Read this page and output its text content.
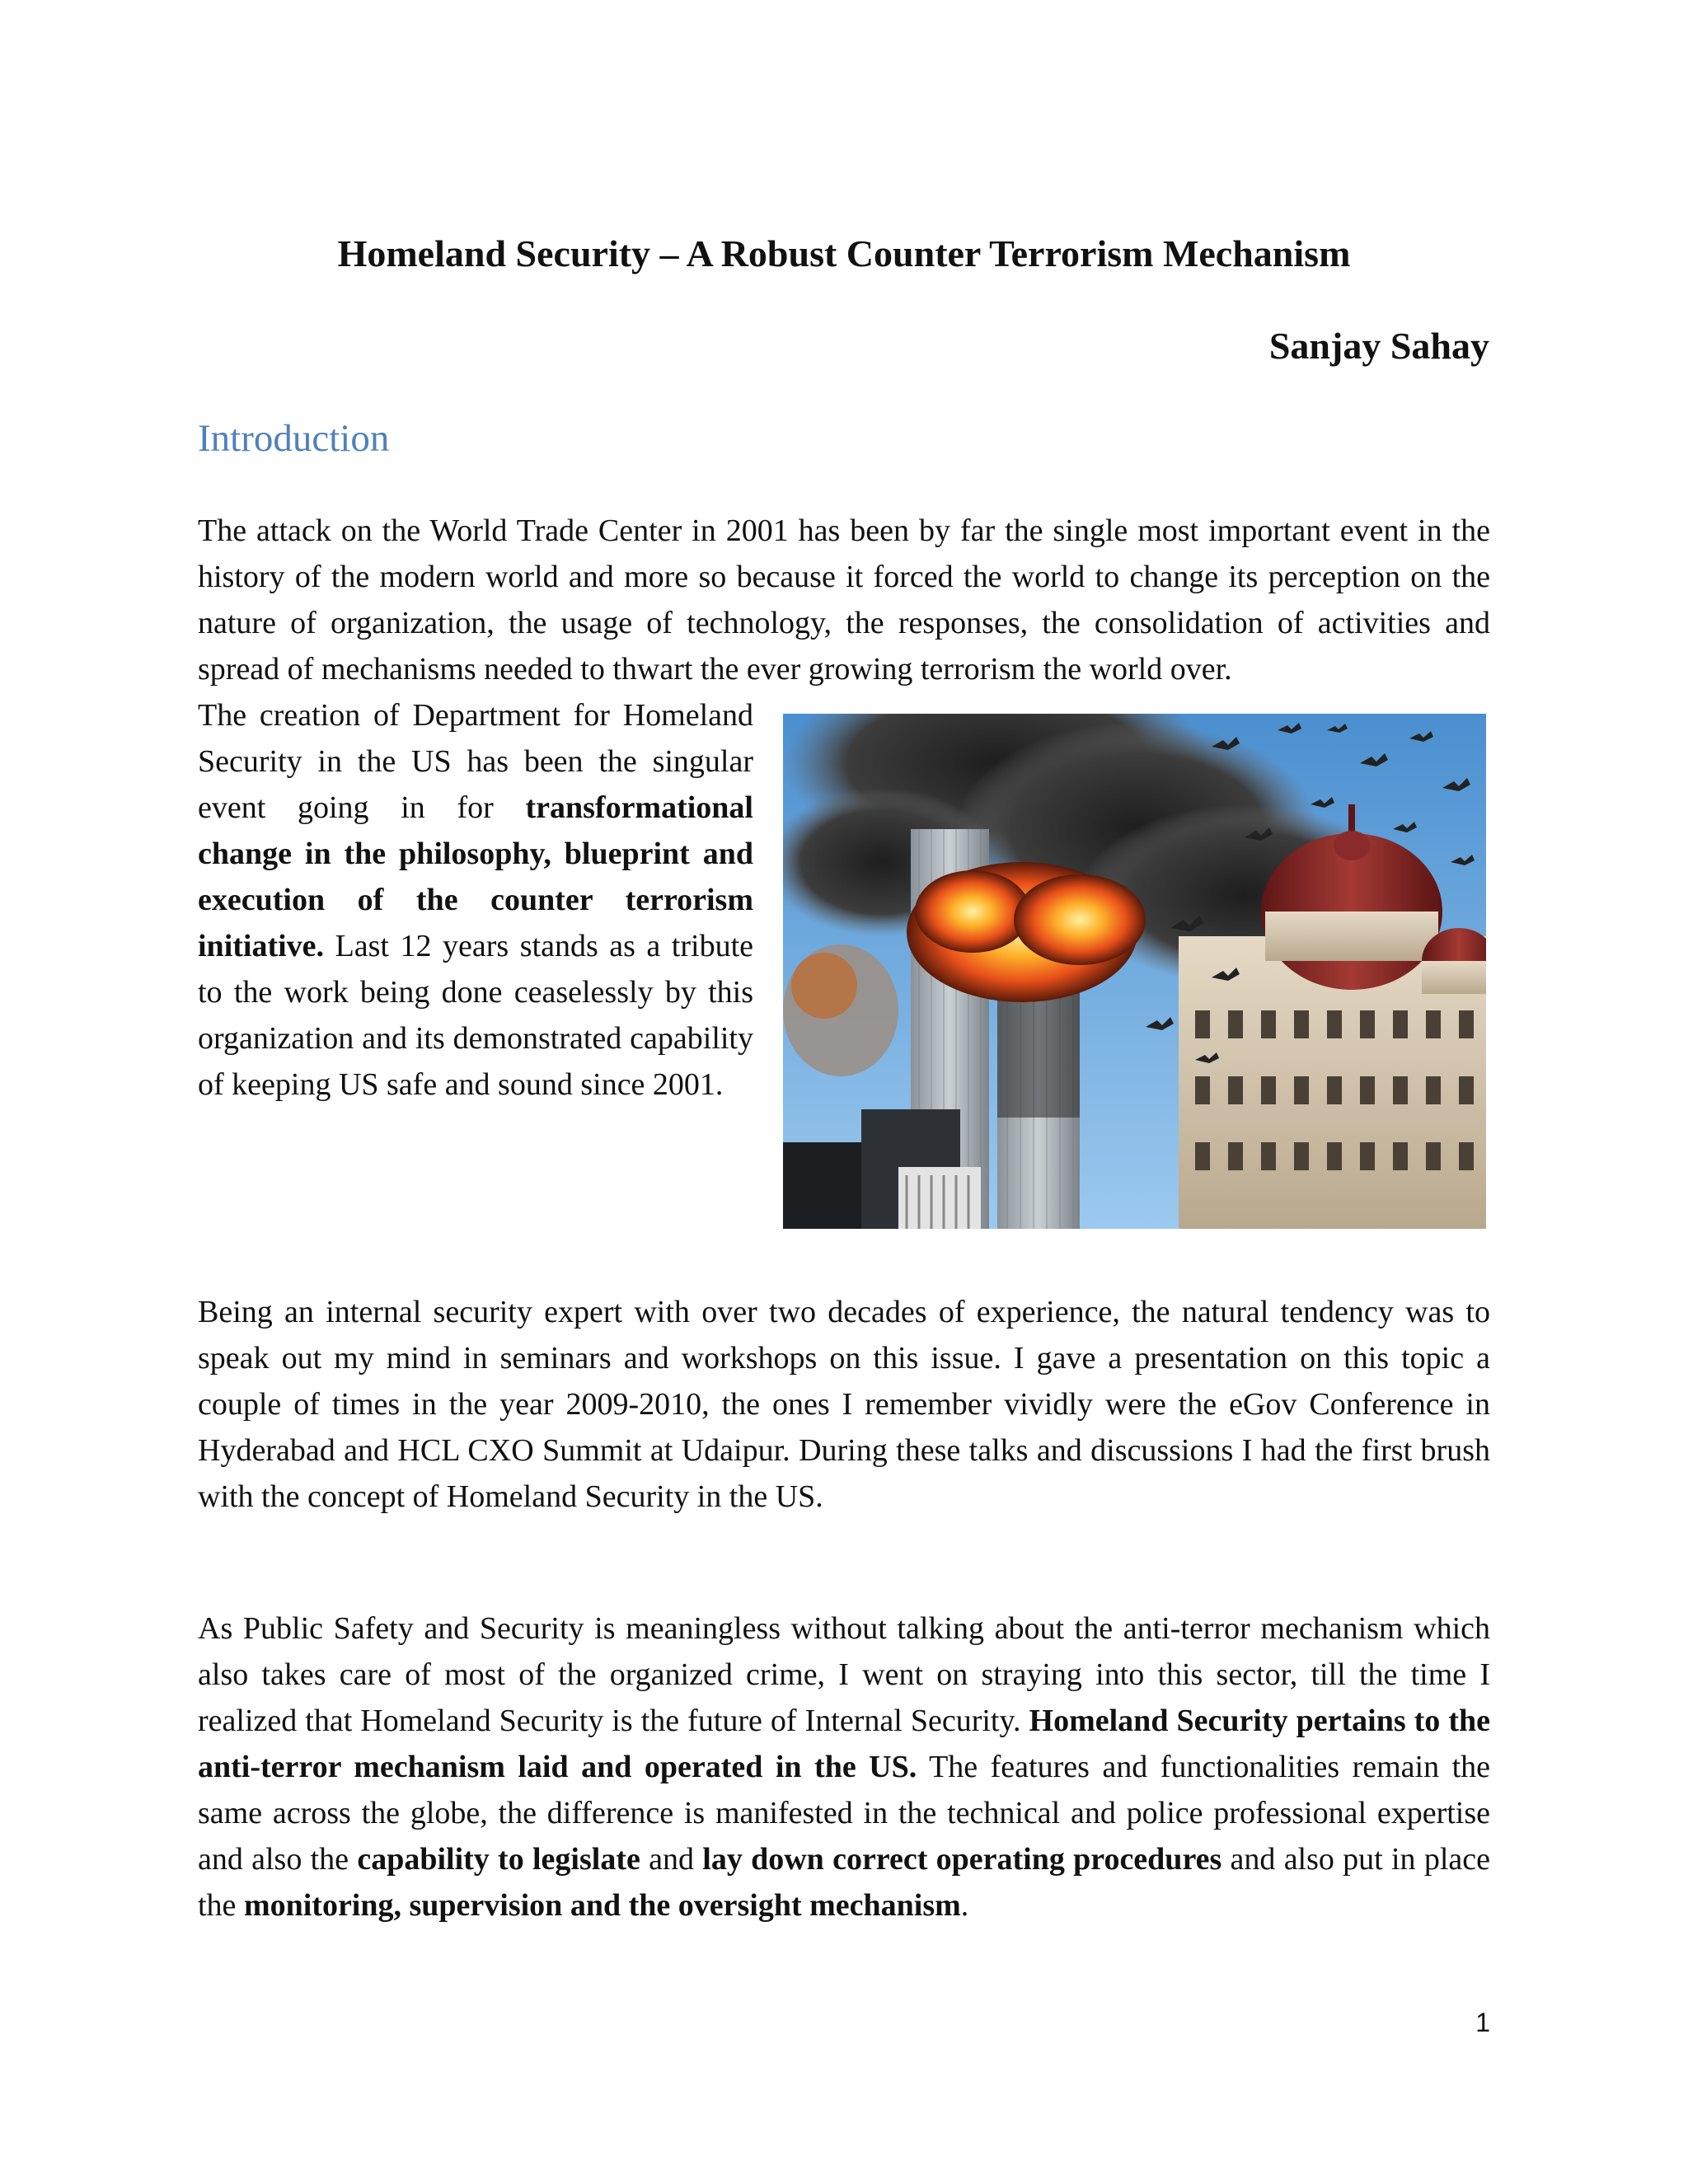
Homeland Security – A Robust Counter Terrorism Mechanism

Sanjay Sahay

Introduction

The attack on the World Trade Center in 2001 has been by far the single most important event in the history of the modern world and more so because it forced the world to change its perception on the nature of organization, the usage of technology, the responses, the consolidation of activities and spread of mechanisms needed to thwart the ever growing terrorism the world over.

The creation of Department for Homeland Security in the US has been the singular event going in for transformational change in the philosophy, blueprint and execution of the counter terrorism initiative. Last 12 years stands as a tribute to the work being done ceaselessly by this organization and its demonstrated capability of keeping US safe and sound since 2001.

Being an internal security expert with over two decades of experience, the natural tendency was to speak out my mind in seminars and workshops on this issue. I gave a presentation on this topic a couple of times in the year 2009-2010, the ones I remember vividly were the eGov Conference in Hyderabad and HCL CXO Summit at Udaipur. During these talks and discussions I had the first brush with the concept of Homeland Security in the US.

As Public Safety and Security is meaningless without talking about the anti-terror mechanism which also takes care of most of the organized crime, I went on straying into this sector, till the time I realized that Homeland Security is the future of Internal Security. Homeland Security pertains to the anti-terror mechanism laid and operated in the US. The features and functionalities remain the same across the globe, the difference is manifested in the technical and police professional expertise and also the capability to legislate and lay down correct operating procedures and also put in place the monitoring, supervision and the oversight mechanism.

1
